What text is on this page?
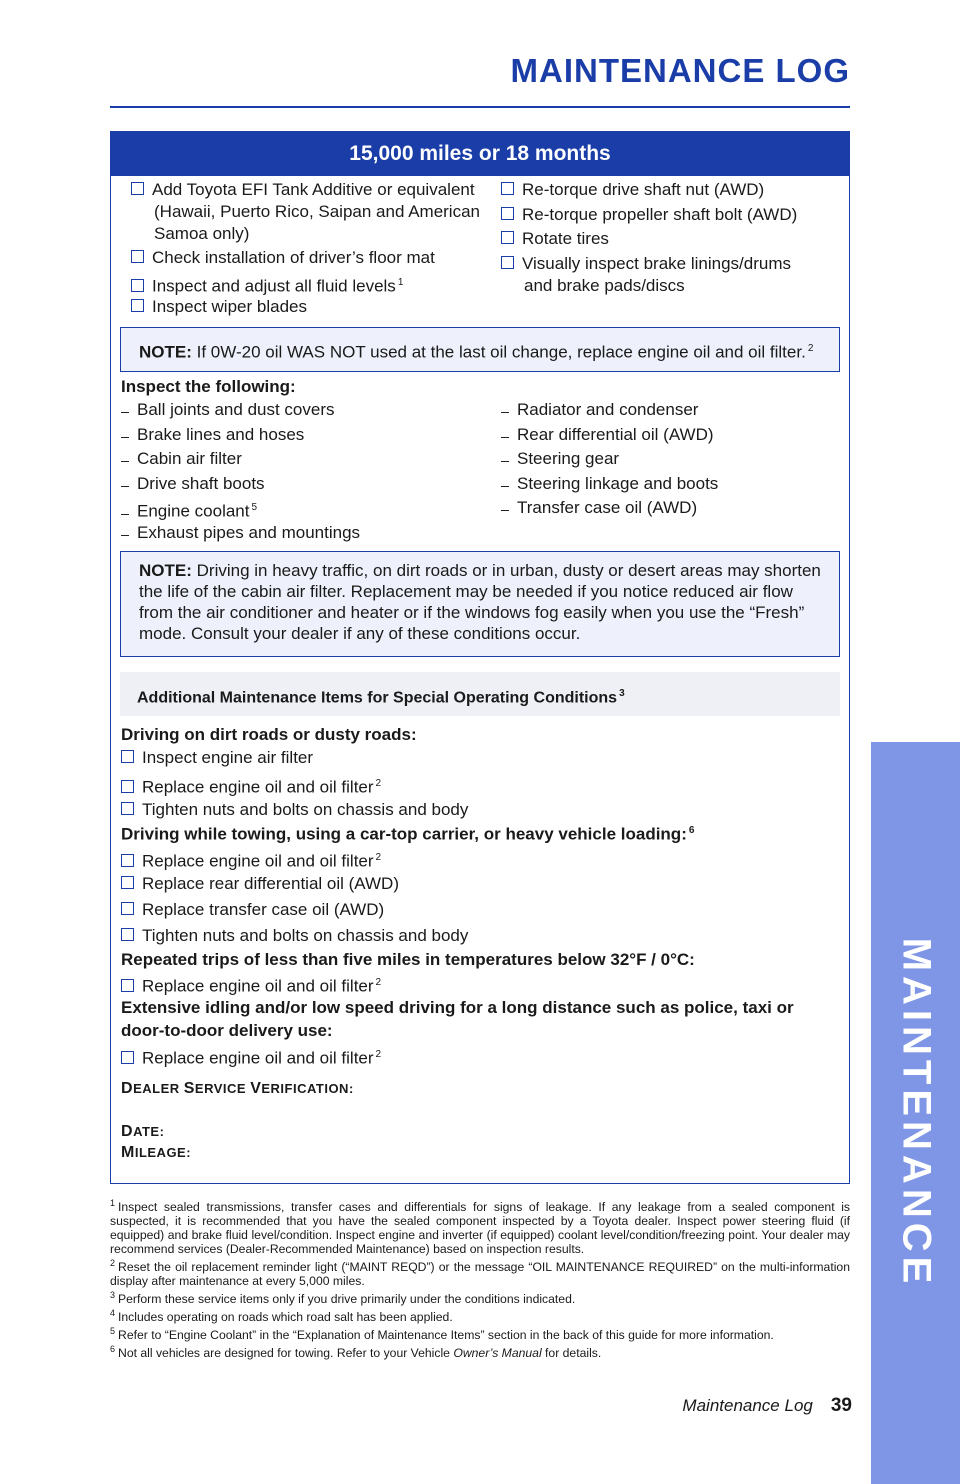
MAINTENANCE LOG
MAINTENANCE
15,000 miles or 18 months
Add Toyota EFI Tank Additive or equivalent
(Hawaii, Puerto Rico, Saipan and American
Samoa only)
Check installation of driver’s floor mat
Inspect and adjust all fluid levels $^1$
Inspect wiper blades
Re-torque drive shaft nut (AWD)
Re-torque propeller shaft bolt (AWD)
Rotate tires
Visually inspect brake linings/drums
and brake pads/discs
NOTE: If 0W-20 oil WAS NOT used at the last oil change, replace engine oil and oil filter. $^2$
Inspect the following:
Ball joints and dust covers
Brake lines and hoses
Cabin air filter
Drive shaft boots
Engine coolant $^5$
Exhaust pipes and mountings
Radiator and condenser
Rear differential oil (AWD)
Steering gear
Steering linkage and boots
Transfer case oil (AWD)
NOTE: Driving in heavy traffic, on dirt roads or in urban, dusty or desert areas may shorten
the life of the cabin air filter. Replacement may be needed if you notice reduced air flow
from the air conditioner and heater or if the windows fog easily when you use the “Fresh”
mode. Consult your dealer if any of these conditions occur.
Additional Maintenance Items for Special Operating Conditions $^3$
Driving on dirt roads or dusty roads:
Inspect engine air filter
Replace engine oil and oil filter $^2$
Tighten nuts and bolts on chassis and body
Driving while towing, using a car-top carrier, or heavy vehicle loading: $^6$
Replace engine oil and oil filter $^2$
Replace rear differential oil (AWD)
Replace transfer case oil (AWD)
Tighten nuts and bolts on chassis and body
Repeated trips of less than five miles in temperatures below 32°F / 0°C:
Replace engine oil and oil filter $^2$
Extensive idling and/or low speed driving for a long distance such as police, taxi or
door-to-door delivery use:
Replace engine oil and oil filter $^2$
DEALER SERVICE VERIFICATION:
DATE:
MILEAGE:

$^1$ Inspect sealed transmissions, transfer cases and differentials for signs of leakage. If any leakage from a sealed component is suspected, it is recommended that you have the sealed component inspected by a Toyota dealer. Inspect power steering fluid (if equipped) and brake fluid level/condition. Inspect engine and inverter (if equipped) coolant level/condition/freezing point. Your dealer may recommend services (Dealer-Recommended Maintenance) based on inspection results.

$^2$ Reset the oil replacement reminder light (“MAINT REQD”) or the message “OIL MAINTENANCE REQUIRED” on the multi-information display after maintenance at every 5,000 miles.

$^3$ Perform these service items only if you drive primarily under the conditions indicated.

$^4$ Includes operating on roads which road salt has been applied.

$^5$ Refer to “Engine Coolant” in the “Explanation of Maintenance Items” section in the back of this guide for more information.

$^6$ Not all vehicles are designed for towing. Refer to your Vehicle Owner’s Manual for details.

Maintenance Log 39
